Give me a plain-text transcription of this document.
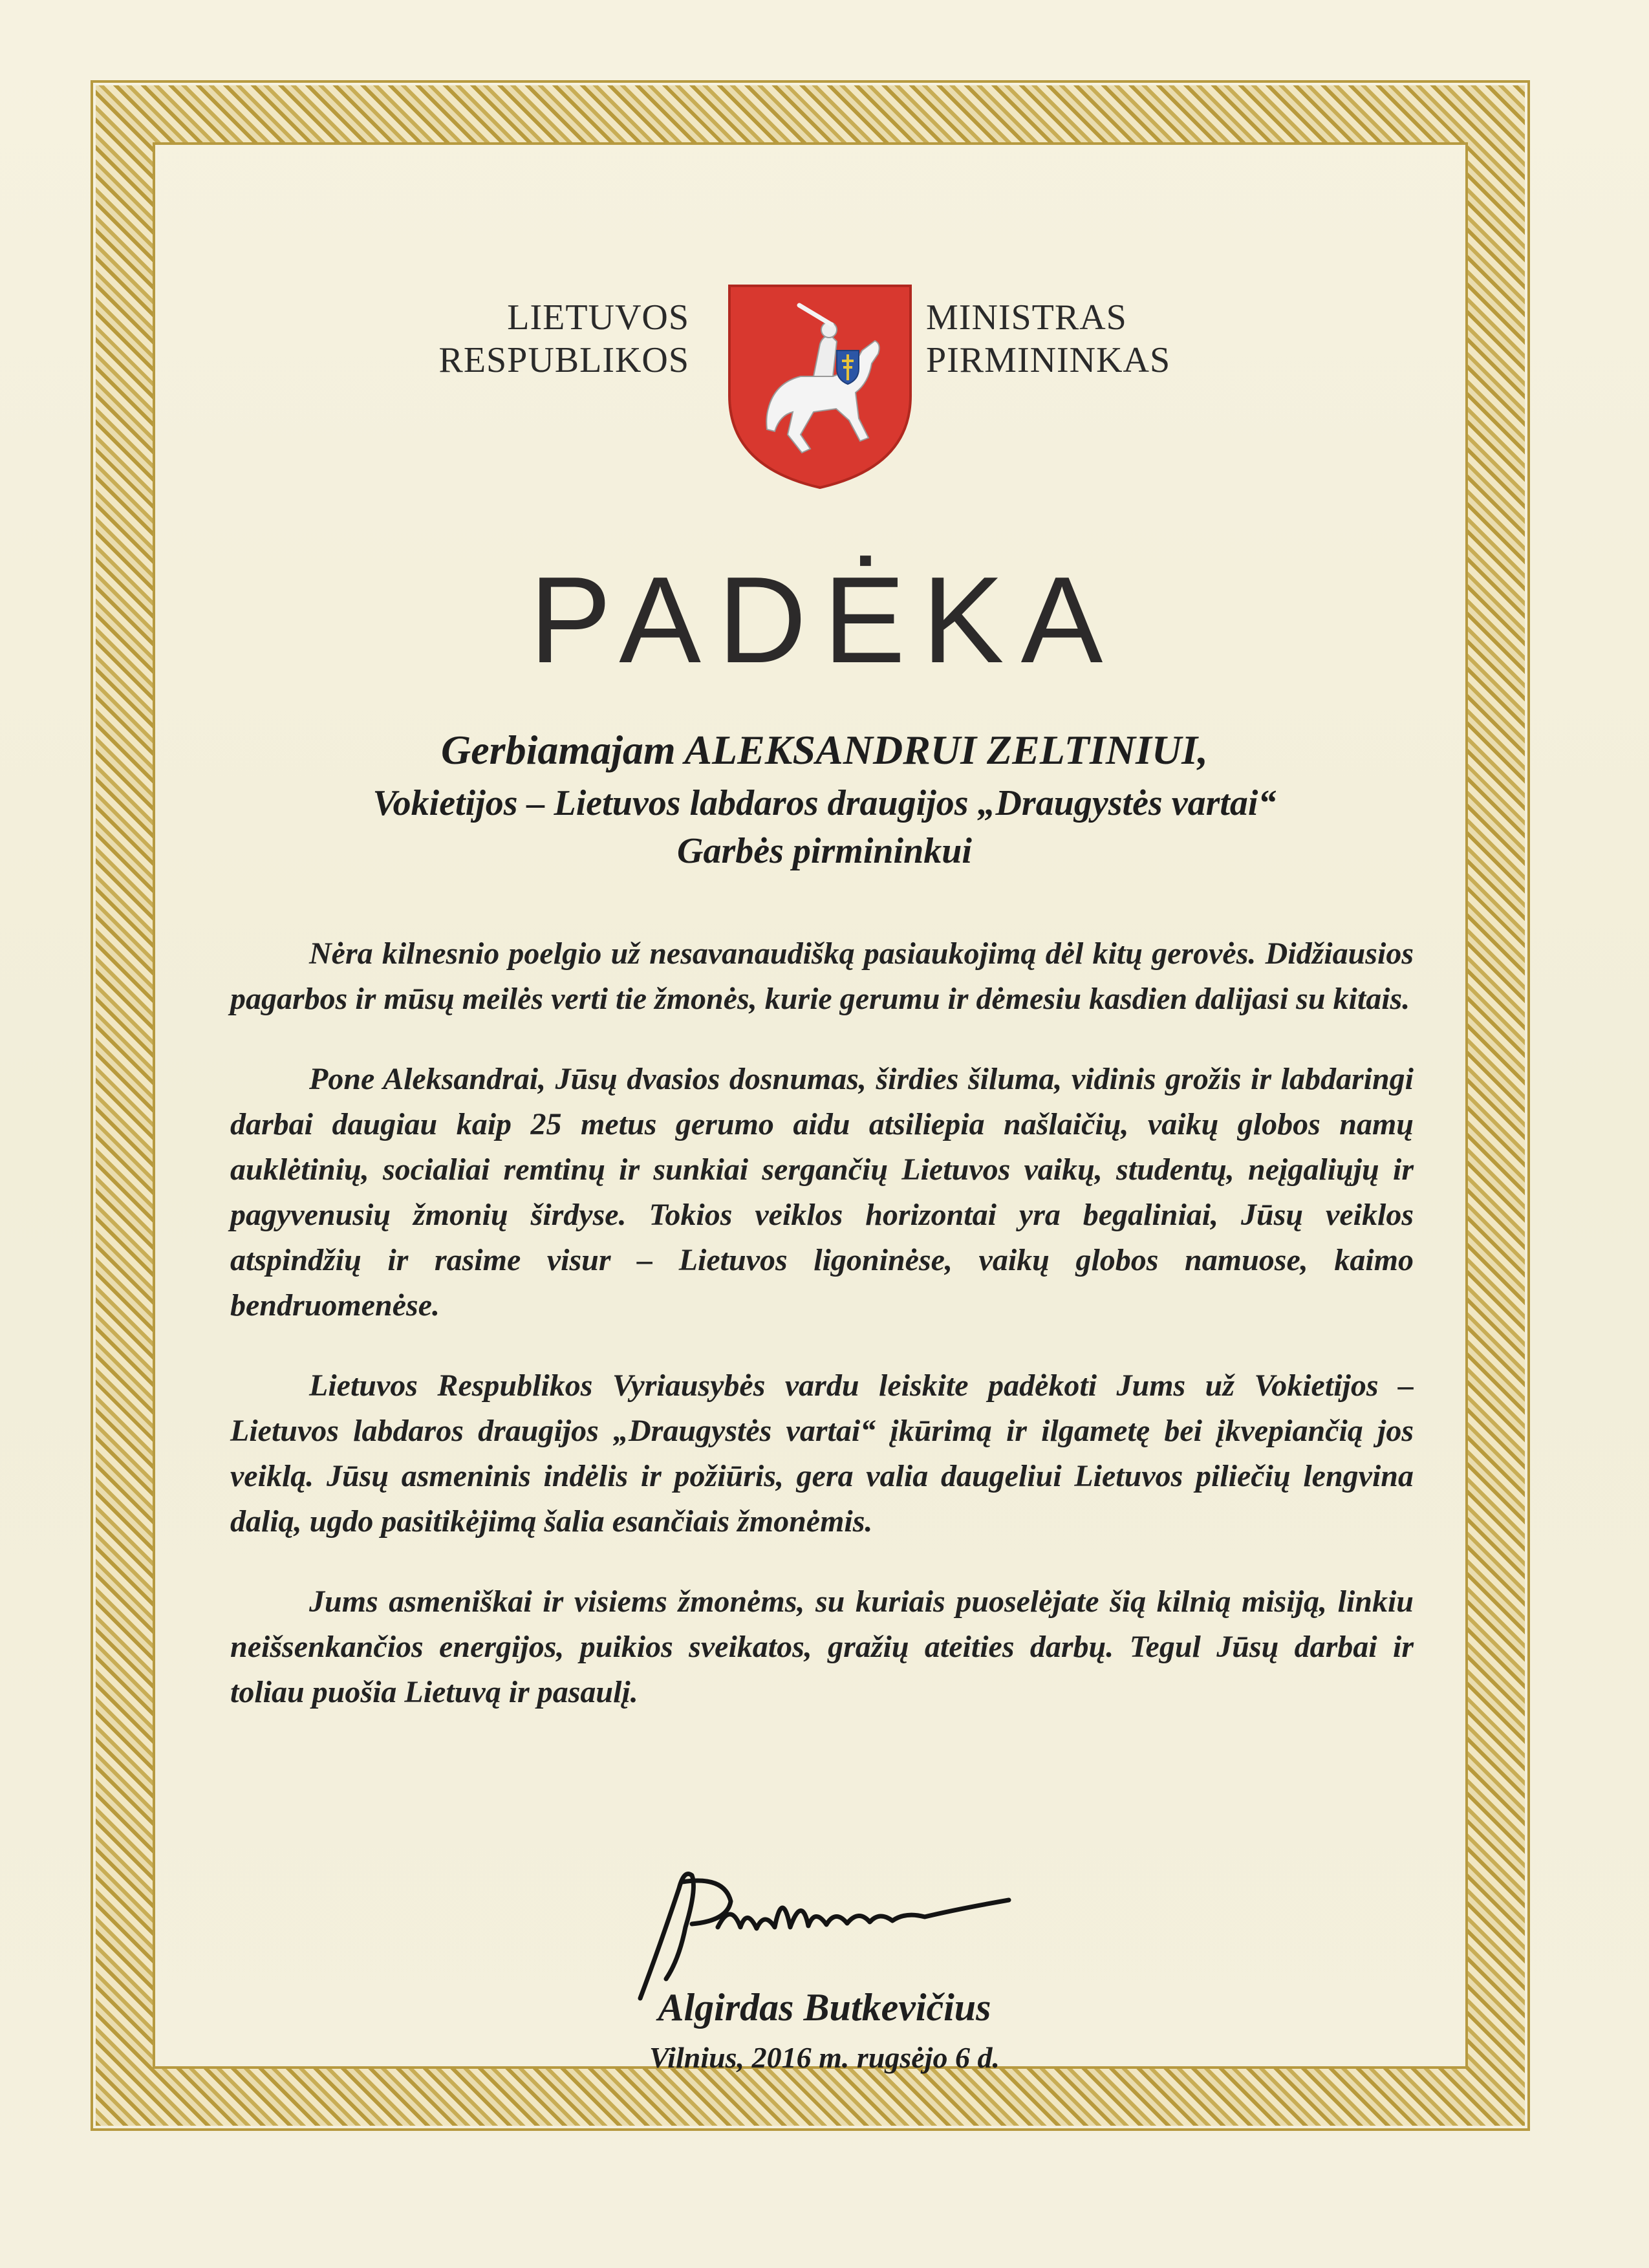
LIETUVOS
RESPUBLIKOS
MINISTRAS
PIRMININKAS
PADĖKA
Gerbiamajam ALEKSANDRUI ZELTINIUI,
Vokietijos – Lietuvos labdaros draugijos „Draugystės vartai“
Garbės pirmininkui

Nėra kilnesnio poelgio už nesavanaudišką pasiaukojimą dėl kitų gerovės. Didžiausios pagarbos ir mūsų meilės verti tie žmonės, kurie gerumu ir dėmesiu kasdien dalijasi su kitais.

Pone Aleksandrai, Jūsų dvasios dosnumas, širdies šiluma, vidinis grožis ir labdaringi darbai daugiau kaip 25 metus gerumo aidu atsiliepia našlaičių, vaikų globos namų auklėtinių, socialiai remtinų ir sunkiai sergančių Lietuvos vaikų, studentų, neįgaliųjų ir pagyvenusių žmonių širdyse. Tokios veiklos horizontai yra begaliniai, Jūsų veiklos atspindžių ir rasime visur – Lietuvos ligoninėse, vaikų globos namuose, kaimo bendruomenėse.

Lietuvos Respublikos Vyriausybės vardu leiskite padėkoti Jums už Vokietijos – Lietuvos labdaros draugijos „Draugystės vartai“ įkūrimą ir ilgametę bei įkvepiančią jos veiklą. Jūsų asmeninis indėlis ir požiūris, gera valia daugeliui Lietuvos piliečių lengvina dalią, ugdo pasitikėjimą šalia esančiais žmonėmis.

Jums asmeniškai ir visiems žmonėms, su kuriais puoselėjate šią kilnią misiją, linkiu neišsenkančios energijos, puikios sveikatos, gražių ateities darbų. Tegul Jūsų darbai ir toliau puošia Lietuvą ir pasaulį.

Algirdas Butkevičius
Vilnius, 2016 m. rugsėjo 6 d.
